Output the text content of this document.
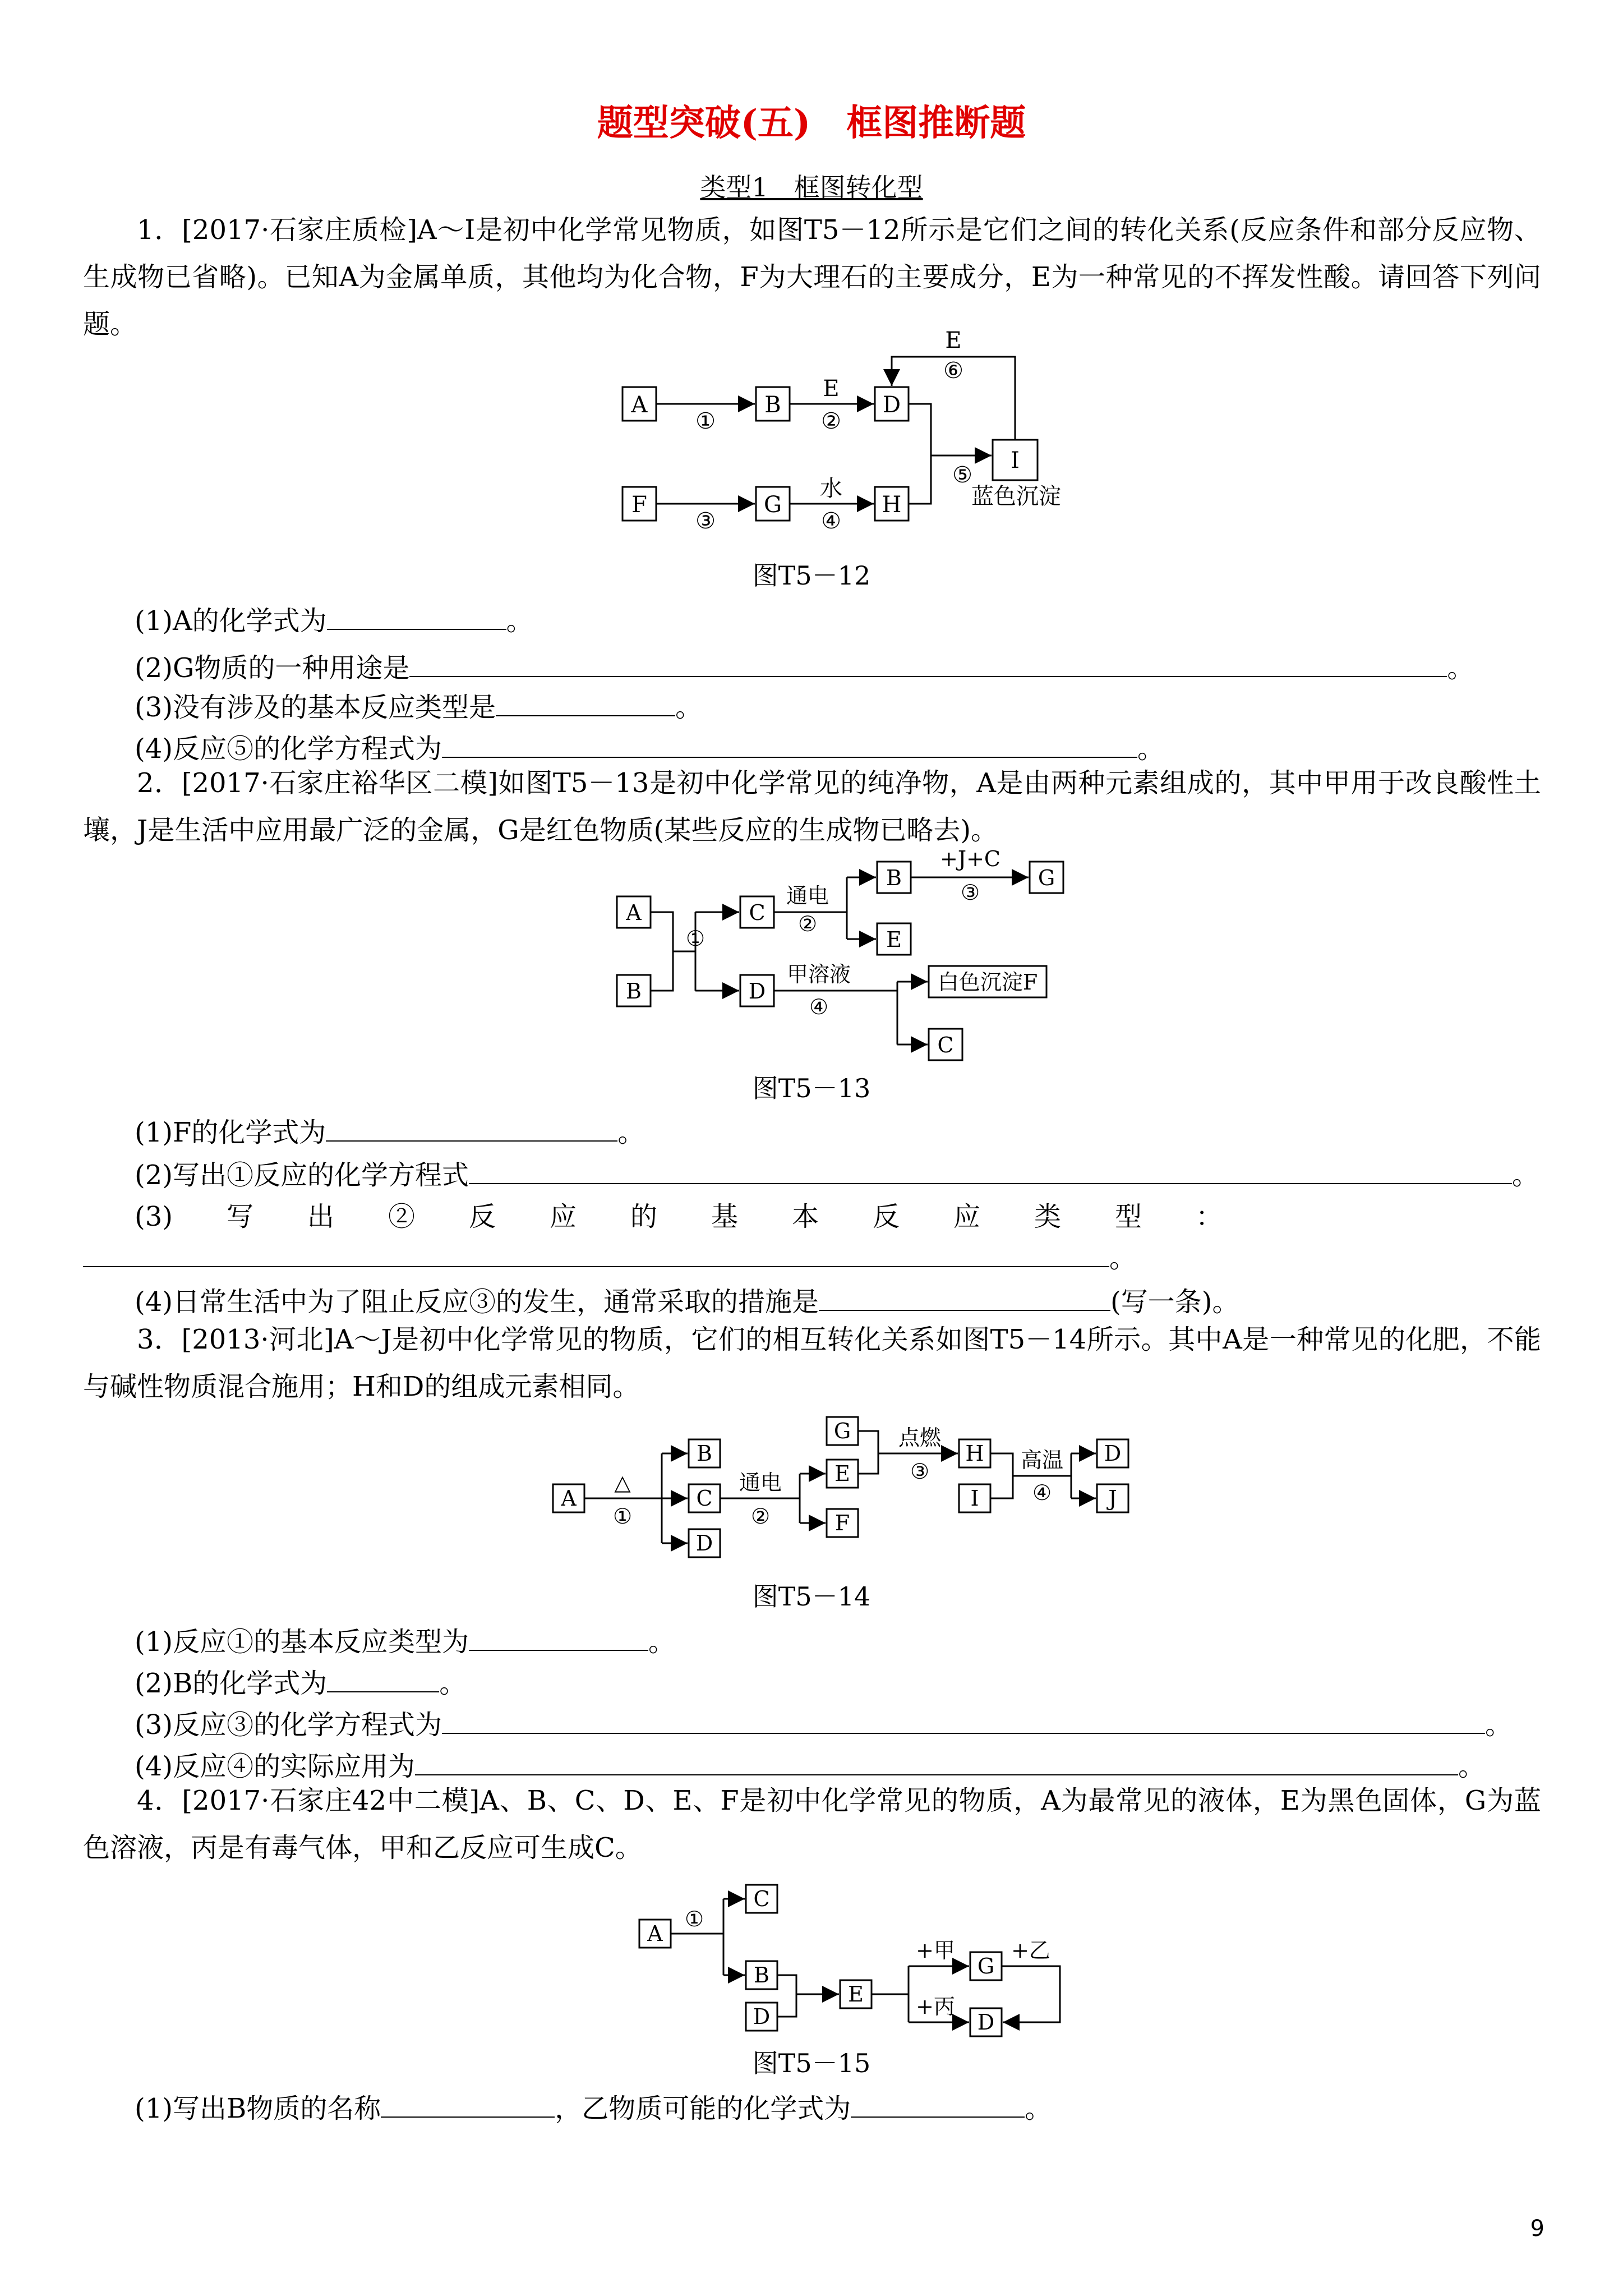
题型突破(五)　框图推断题
类型1　框图转化型
1．[2017·石家庄质检]A～I是初中化学常见物质，如图T5－12所示是它们之间的转化关系(反应条件和部分反应物、生成物已省略)。已知A为金属单质，其他均为化合物，F为大理石的主要成分，E为一种常见的不挥发性酸。请回答下列问题。
A	B	D
F	G	H
I
①
E
②
③
水
④
⑤
E
⑥
蓝色沉淀
图T5－12
(1)A的化学式为	。
(2)G物质的一种用途是	。
(3)没有涉及的基本反应类型是	。
(4)反应⑤的化学方程式为	。
2．[2017·石家庄裕华区二模]如图T5－13是初中化学常见的纯净物，A是由两种元素组成的，其中甲用于改良酸性土壤，J是生活中应用最广泛的金属，G是红色物质(某些反应的生成物已略去)。
A
B
C
D
B
E
G
白色沉淀F
C
①
通电
②
+J+C
③
甲溶液
④
图T5－13
(1)F的化学式为	。
(2)写出①反应的化学方程式	。
(3)　　写　　出　　②　　反　　应　　的　　基　　本　　反　　应　　类　　型　　：
。
(4)日常生活中为了阻止反应③的发生，通常采取的措施是	(写一条)。
3．[2013·河北]A～J是初中化学常见的物质，它们的相互转化关系如图T5－14所示。其中A是一种常见的化肥，不能与碱性物质混合施用；H和D的组成元素相同。
A
B
C
D
G
E
F
H
I
D
J
△
①
通电
②
点燃
③	高温
④
图T5－14
(1)反应①的基本反应类型为	。
(2)B的化学式为	。
(3)反应③的化学方程式为	。
(4)反应④的实际应用为	。
4．[2017·石家庄42中二模]A、B、C、D、E、F是初中化学常见的物质，A为最常见的液体，E为黑色固体，G为蓝色溶液，丙是有毒气体，甲和乙反应可生成C。
A
C
B
D
E
G
D
①
+甲	+乙
+丙
图T5－15
(1)写出B物质的名称	，乙物质可能的化学式为	。
9
